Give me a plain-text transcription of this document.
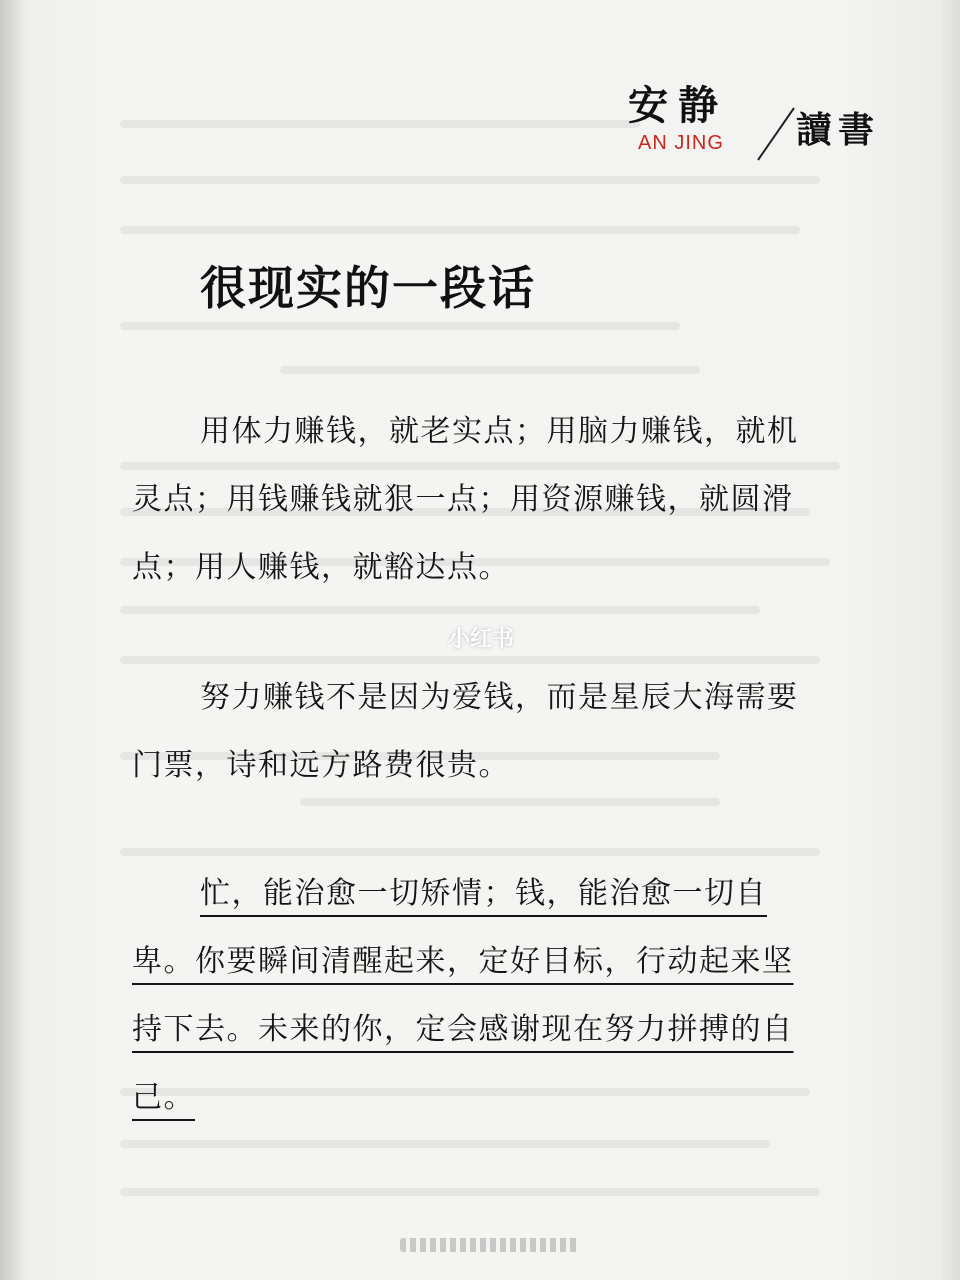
安静
AN JING 讀書
很现实的一段话

用体力赚钱，就老实点；用脑力赚钱，就机灵点；用钱赚钱就狠一点；用资源赚钱，就圆滑点；用人赚钱，就豁达点。

努力赚钱不是因为爱钱，而是星辰大海需要门票，诗和远方路费很贵。

忙，能治愈一切矫情；钱，能治愈一切自卑。你要瞬间清醒起来，定好目标，行动起来坚持下去。未来的你，定会感谢现在努力拼搏的自己。

小红书
